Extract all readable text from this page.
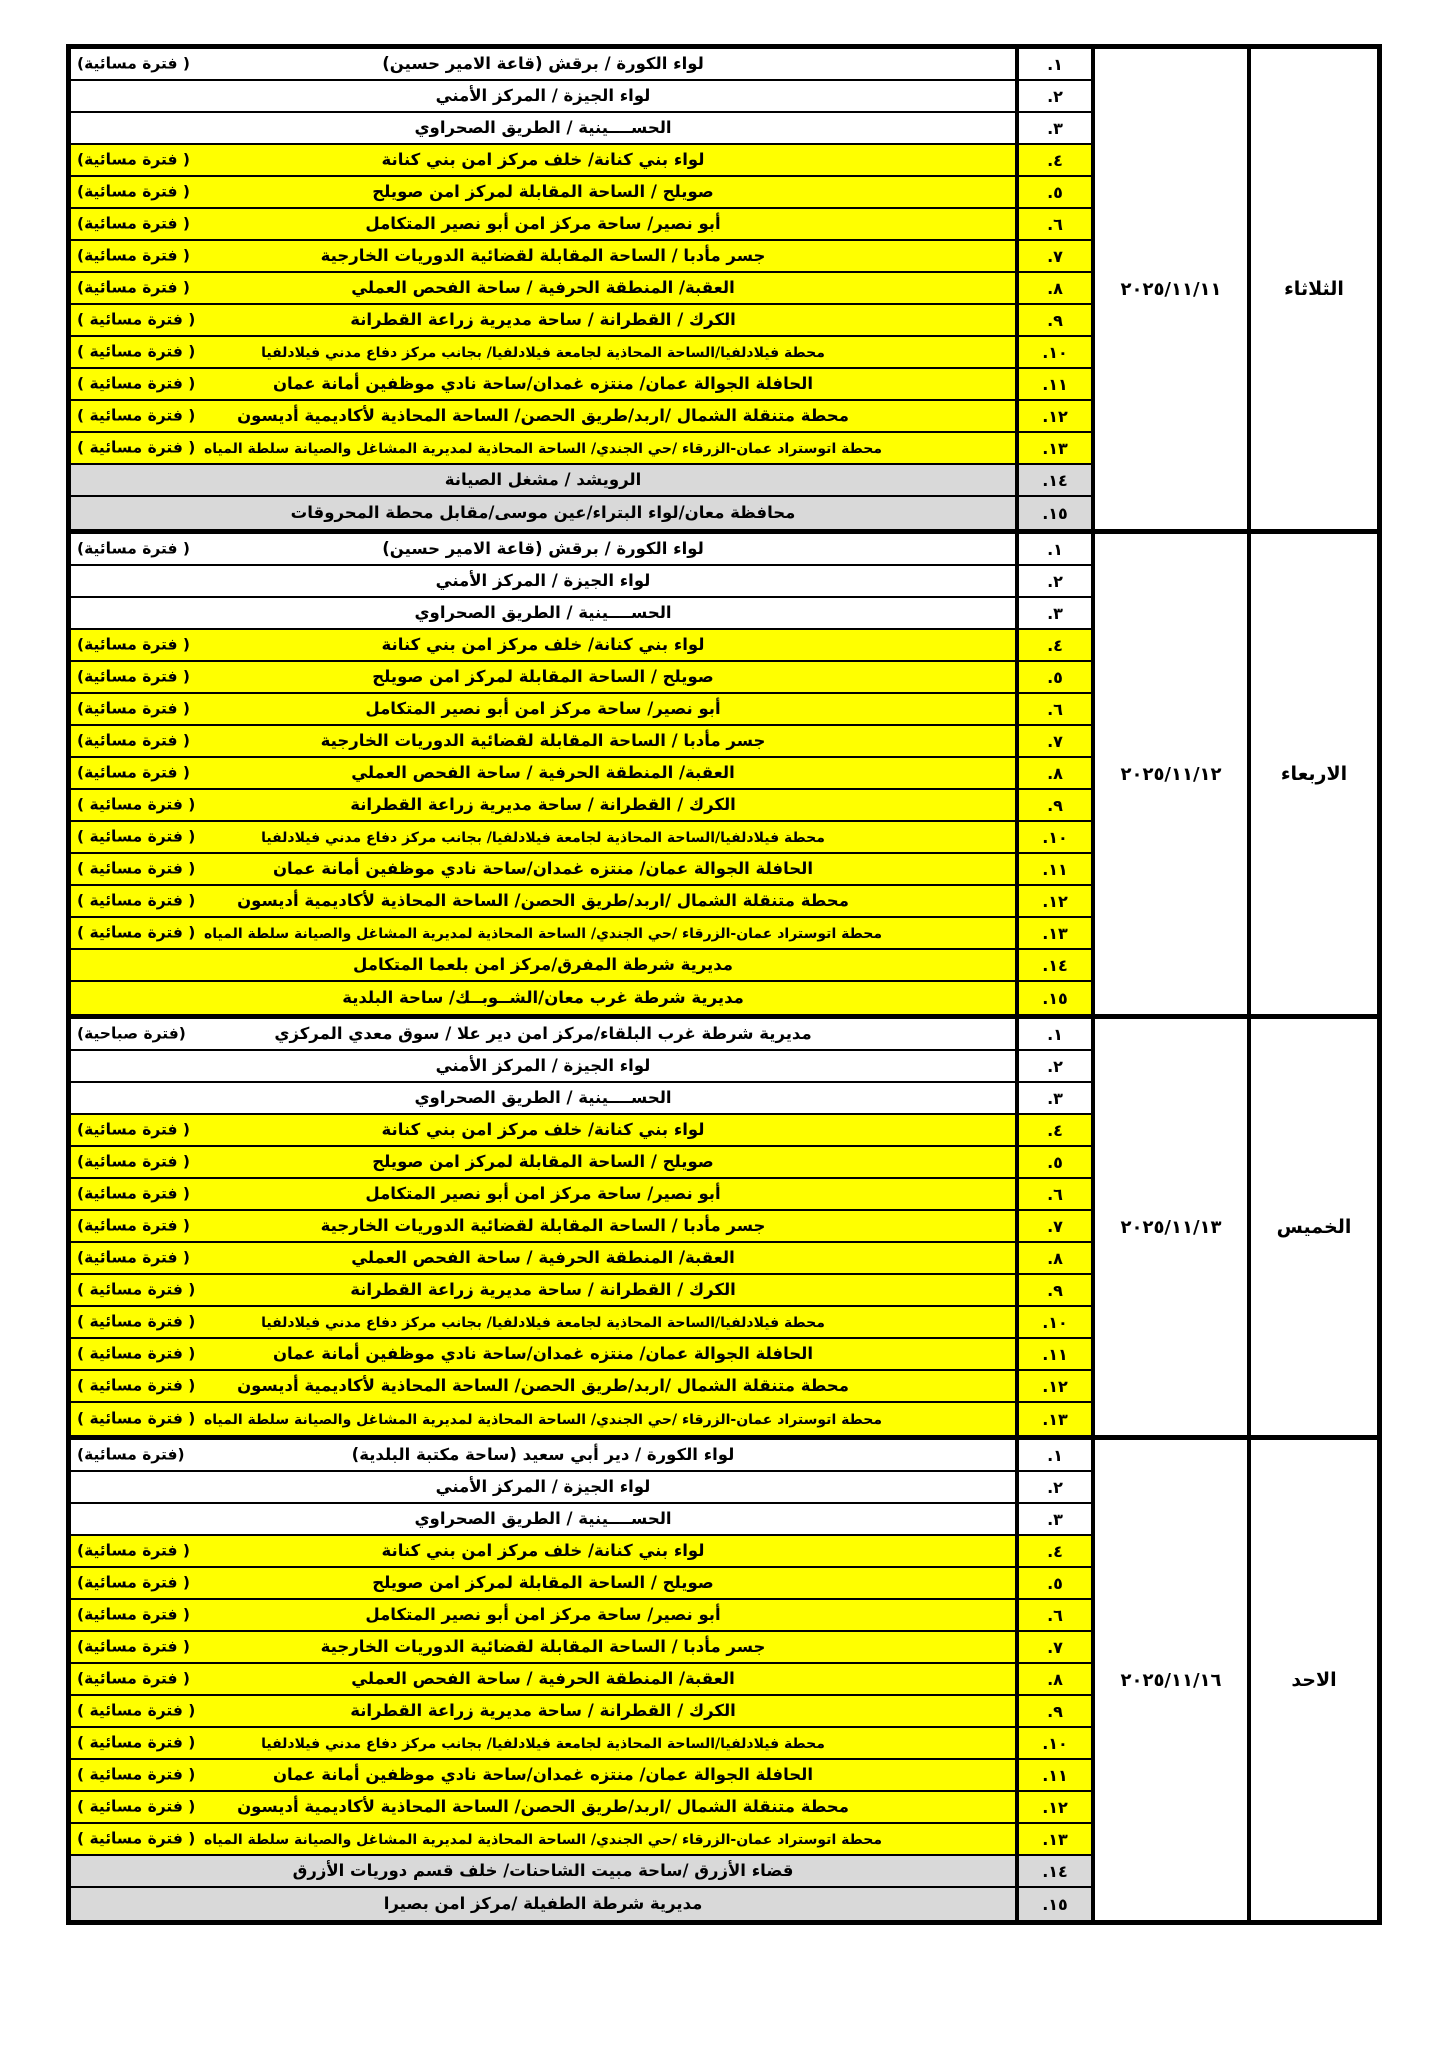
الثلاثاء
٢٠٢٥/١١/١١
١.
لواء الكورة / برقش (قاعة الامير حسين)
( فترة مسائية)
٢.
لواء الجيزة / المركز الأمني
٣.
الحســــينية / الطريق الصحراوي
٤.
لواء بني كنانة/ خلف مركز امن بني كنانة
( فترة مسائية)
٥.
صويلح / الساحة المقابلة لمركز امن صويلح
( فترة مسائية)
٦.
أبو نصير/ ساحة مركز امن أبو نصير المتكامل
( فترة مسائية)
٧.
جسر مأدبا / الساحة المقابلة لقضائية الدوريات الخارجية
( فترة مسائية)
٨.
العقبة/ المنطقة الحرفية / ساحة الفحص العملي
( فترة مسائية)
٩.
الكرك / القطرانة / ساحة مديرية زراعة القطرانة
( فترة مسائية )
١٠.
محطة فيلادلفيا/الساحة المحاذية لجامعة فيلادلفيا/ بجانب مركز دفاع مدني فيلادلفيا
( فترة مسائية )
١١.
الحافلة الجوالة عمان/ منتزه غمدان/ساحة نادي موظفين أمانة عمان
( فترة مسائية )
١٢.
محطة متنقلة الشمال /اربد/طريق الحصن/ الساحة المحاذية لأكاديمية أديسون
( فترة مسائية )
١٣.
محطة اتوستراد عمان-الزرقاء /حي الجندي/ الساحة المحاذية لمديرية المشاغل والصيانة سلطة المياه
( فترة مسائية )
١٤.
الرويشد / مشغل الصيانة
١٥.
محافظة معان/لواء البتراء/عين موسى/مقابل محطة المحروقات
الاربعاء
٢٠٢٥/١١/١٢
١.
لواء الكورة / برقش (قاعة الامير حسين)
( فترة مسائية)
٢.
لواء الجيزة / المركز الأمني
٣.
الحســــينية / الطريق الصحراوي
٤.
لواء بني كنانة/ خلف مركز امن بني كنانة
( فترة مسائية)
٥.
صويلح / الساحة المقابلة لمركز امن صويلح
( فترة مسائية)
٦.
أبو نصير/ ساحة مركز امن أبو نصير المتكامل
( فترة مسائية)
٧.
جسر مأدبا / الساحة المقابلة لقضائية الدوريات الخارجية
( فترة مسائية)
٨.
العقبة/ المنطقة الحرفية / ساحة الفحص العملي
( فترة مسائية)
٩.
الكرك / القطرانة / ساحة مديرية زراعة القطرانة
( فترة مسائية )
١٠.
محطة فيلادلفيا/الساحة المحاذية لجامعة فيلادلفيا/ بجانب مركز دفاع مدني فيلادلفيا
( فترة مسائية )
١١.
الحافلة الجوالة عمان/ منتزه غمدان/ساحة نادي موظفين أمانة عمان
( فترة مسائية )
١٢.
محطة متنقلة الشمال /اربد/طريق الحصن/ الساحة المحاذية لأكاديمية أديسون
( فترة مسائية )
١٣.
محطة اتوستراد عمان-الزرقاء /حي الجندي/ الساحة المحاذية لمديرية المشاغل والصيانة سلطة المياه
( فترة مسائية )
١٤.
مديرية شرطة المفرق/مركز امن بلعما المتكامل
١٥.
مديرية شرطة غرب معان/الشــوبــك/ ساحة البلدية
الخميس
٢٠٢٥/١١/١٣
١.
مديرية شرطة غرب البلقاء/مركز امن دير علا / سوق معدي المركزي
(فترة صباحية)
٢.
لواء الجيزة / المركز الأمني
٣.
الحســــينية / الطريق الصحراوي
٤.
لواء بني كنانة/ خلف مركز امن بني كنانة
( فترة مسائية)
٥.
صويلح / الساحة المقابلة لمركز امن صويلح
( فترة مسائية)
٦.
أبو نصير/ ساحة مركز امن أبو نصير المتكامل
( فترة مسائية)
٧.
جسر مأدبا / الساحة المقابلة لقضائية الدوريات الخارجية
( فترة مسائية)
٨.
العقبة/ المنطقة الحرفية / ساحة الفحص العملي
( فترة مسائية)
٩.
الكرك / القطرانة / ساحة مديرية زراعة القطرانة
( فترة مسائية )
١٠.
محطة فيلادلفيا/الساحة المحاذية لجامعة فيلادلفيا/ بجانب مركز دفاع مدني فيلادلفيا
( فترة مسائية )
١١.
الحافلة الجوالة عمان/ منتزه غمدان/ساحة نادي موظفين أمانة عمان
( فترة مسائية )
١٢.
محطة متنقلة الشمال /اربد/طريق الحصن/ الساحة المحاذية لأكاديمية أديسون
( فترة مسائية )
١٣.
محطة اتوستراد عمان-الزرقاء /حي الجندي/ الساحة المحاذية لمديرية المشاغل والصيانة سلطة المياه
( فترة مسائية )
الاحد
٢٠٢٥/١١/١٦
١.
لواء الكورة / دير أبي سعيد (ساحة مكتبة البلدية)
(فترة مسائية)
٢.
لواء الجيزة / المركز الأمني
٣.
الحســــينية / الطريق الصحراوي
٤.
لواء بني كنانة/ خلف مركز امن بني كنانة
( فترة مسائية)
٥.
صويلح / الساحة المقابلة لمركز امن صويلح
( فترة مسائية)
٦.
أبو نصير/ ساحة مركز امن أبو نصير المتكامل
( فترة مسائية)
٧.
جسر مأدبا / الساحة المقابلة لقضائية الدوريات الخارجية
( فترة مسائية)
٨.
العقبة/ المنطقة الحرفية / ساحة الفحص العملي
( فترة مسائية)
٩.
الكرك / القطرانة / ساحة مديرية زراعة القطرانة
( فترة مسائية )
١٠.
محطة فيلادلفيا/الساحة المحاذية لجامعة فيلادلفيا/ بجانب مركز دفاع مدني فيلادلفيا
( فترة مسائية )
١١.
الحافلة الجوالة عمان/ منتزه غمدان/ساحة نادي موظفين أمانة عمان
( فترة مسائية )
١٢.
محطة متنقلة الشمال /اربد/طريق الحصن/ الساحة المحاذية لأكاديمية أديسون
( فترة مسائية )
١٣.
محطة اتوستراد عمان-الزرقاء /حي الجندي/ الساحة المحاذية لمديرية المشاغل والصيانة سلطة المياه
( فترة مسائية )
١٤.
قضاء الأزرق /ساحة مبيت الشاحنات/ خلف قسم دوريات الأزرق
١٥.
مديرية شرطة الطفيلة /مركز امن بصيرا
